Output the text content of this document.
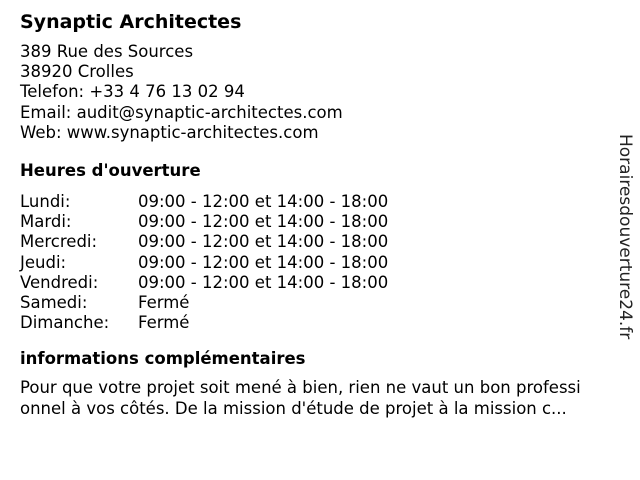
Synaptic Architectes
389 Rue des Sources
38920 Crolles
Telefon: +33 4 76 13 02 94
Email: audit@synaptic-architectes.com
Web: www.synaptic-architectes.com
Heures d'ouverture
Lundi:	09:00 - 12:00 et 14:00 - 18:00
Mardi:	09:00 - 12:00 et 14:00 - 18:00
Mercredi:	09:00 - 12:00 et 14:00 - 18:00
Jeudi:	09:00 - 12:00 et 14:00 - 18:00
Vendredi:	09:00 - 12:00 et 14:00 - 18:00
Samedi:	Fermé
Dimanche:	Fermé
informations complémentaires
Pour que votre projet soit mené à bien, rien ne vaut un bon professi
onnel à vos côtés. De la mission d'étude de projet à la mission c...
Horairesdouverture24.fr
